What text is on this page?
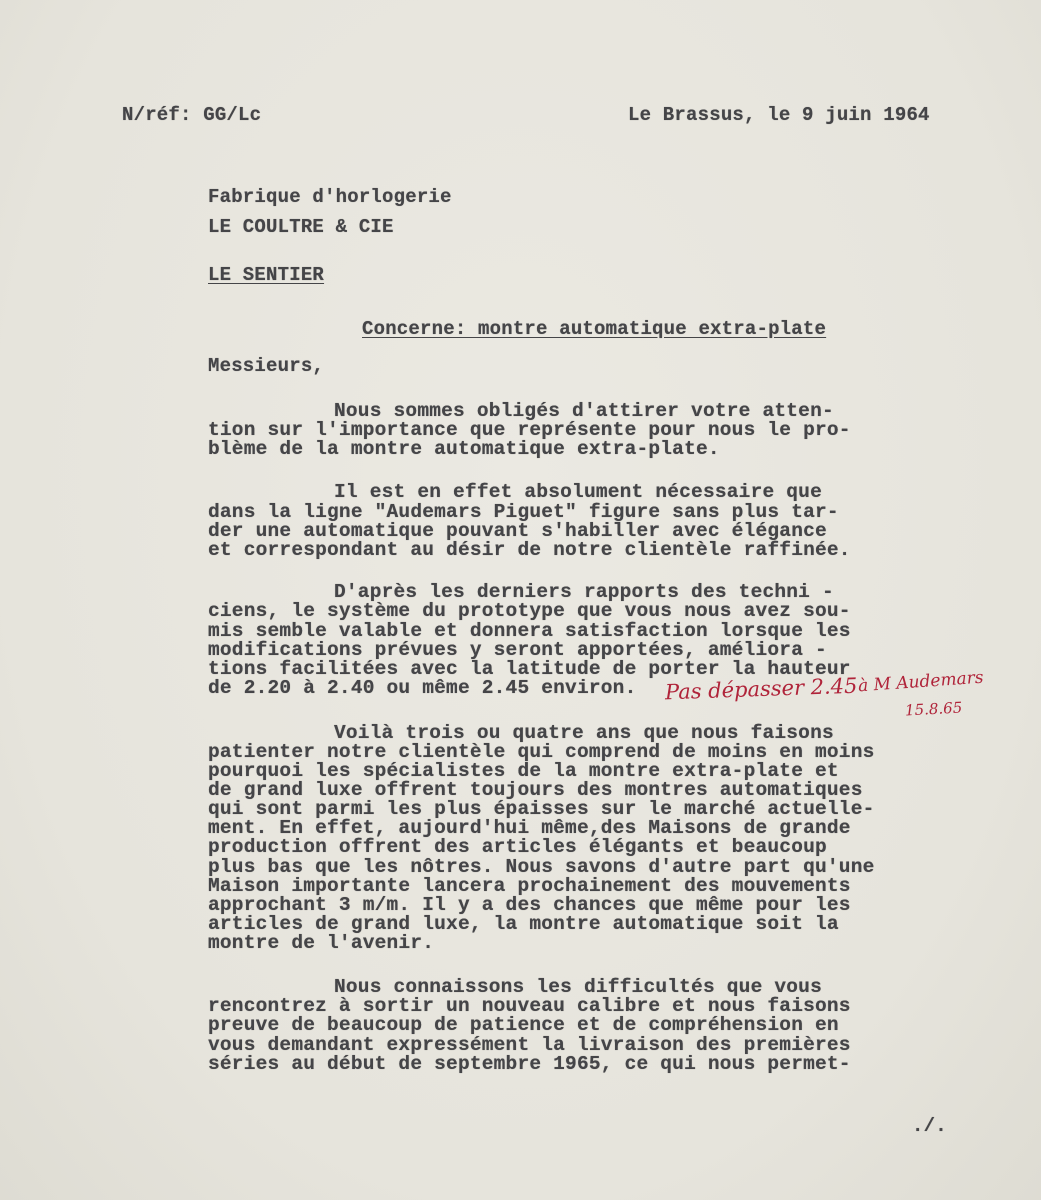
N/réf: GG/Lc	Le Brassus, le 9 juin 1964
Fabrique d'horlogerie
LE COULTRE & CIE
LE SENTIER
Concerne: montre automatique extra-plate
Messieurs,
Nous sommes obligés d'attirer votre atten-
tion sur l'importance que représente pour nous le pro-
blème de la montre automatique extra-plate.
Il est en effet absolument nécessaire que
dans la ligne "Audemars Piguet" figure sans plus tar-
der une automatique pouvant s'habiller avec élégance
et correspondant au désir de notre clientèle raffinée.
D'après les derniers rapports des techni -
ciens, le système du prototype que vous nous avez sou-
mis semble valable et donnera satisfaction lorsque les
modifications prévues y seront apportées, améliora -
tions facilitées avec la latitude de porter la hauteur
de 2.20 à 2.40 ou même 2.45 environ. Pas dépasser 2.45 à M Audemars
15.8.65
Voilà trois ou quatre ans que nous faisons
patienter notre clientèle qui comprend de moins en moins
pourquoi les spécialistes de la montre extra-plate et
de grand luxe offrent toujours des montres automatiques
qui sont parmi les plus épaisses sur le marché actuelle-
ment. En effet, aujourd'hui même,des Maisons de grande
production offrent des articles élégants et beaucoup
plus bas que les nôtres. Nous savons d'autre part qu'une
Maison importante lancera prochainement des mouvements
approchant 3 m/m. Il y a des chances que même pour les
articles de grand luxe, la montre automatique soit la
montre de l'avenir.
Nous connaissons les difficultés que vous
rencontrez à sortir un nouveau calibre et nous faisons
preuve de beaucoup de patience et de compréhension en
vous demandant expressément la livraison des premières
séries au début de septembre 1965, ce qui nous permet-
./.
